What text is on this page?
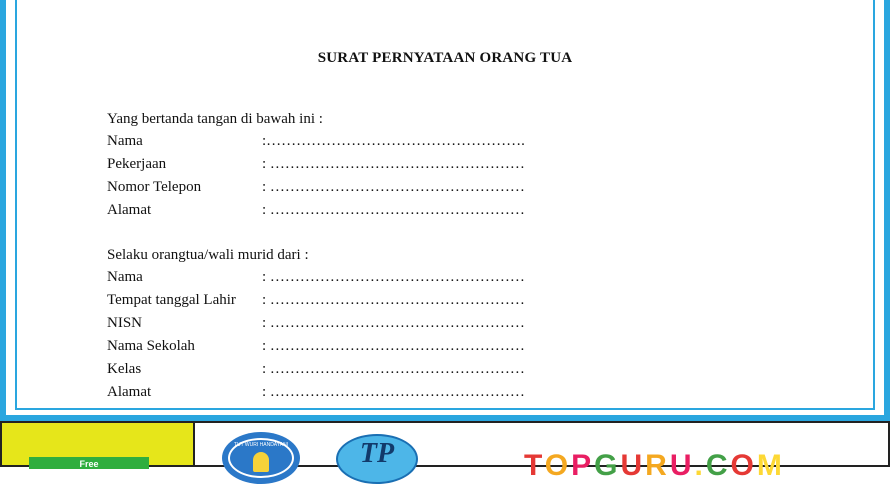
SURAT PERNYATAAN ORANG TUA
Yang bertanda tangan di bawah ini :
Nama	:…………………………………………….
Pekerjaan	: ……………………………………………
Nomor Telepon	: ……………………………………………
Alamat	: ……………………………………………
Selaku orangtua/wali murid dari :
Nama	: ……………………………………………
Tempat tanggal Lahir : ……………………………………………
NISN	: ……………………………………………
Nama Sekolah	: ……………………………………………
Kelas	: ……………………………………………
Alamat	: ……………………………………………
Free
TUT WURI HANDAYANI	TP	TOPGURU.COM
